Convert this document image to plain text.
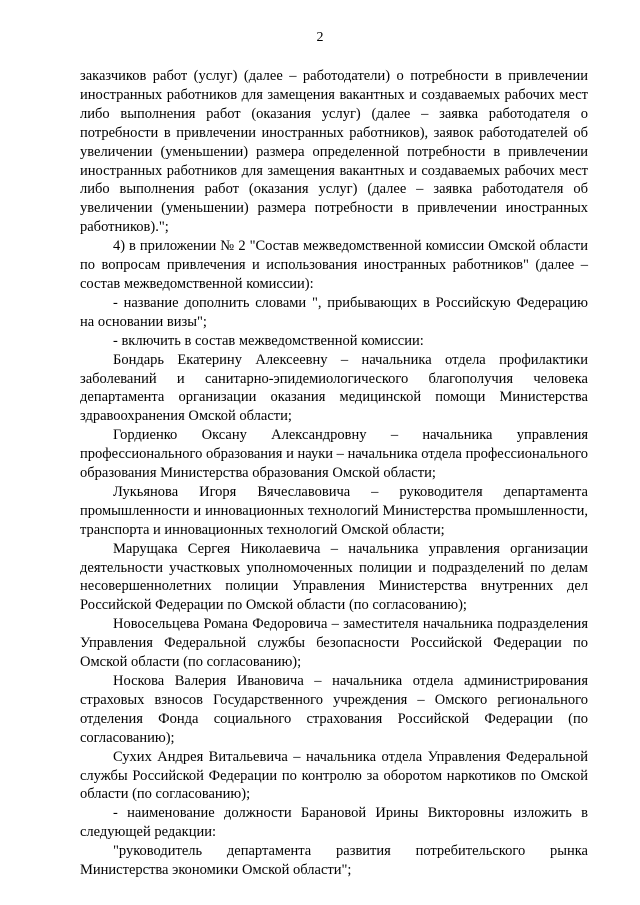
2

заказчиков работ (услуг) (далее – работодатели) о потребности в привлечении иностранных работников для замещения вакантных и создаваемых рабочих мест либо выполнения работ (оказания услуг) (далее – заявка работодателя о потребности в привлечении иностранных работников), заявок работодателей об увеличении (уменьшении) размера определенной потребности в привлечении иностранных работников для замещения вакантных и создаваемых рабочих мест либо выполнения работ (оказания услуг) (далее – заявка работодателя об увеличении (уменьшении) размера потребности в привлечении иностранных работников).";

4) в приложении № 2 "Состав межведомственной комиссии Омской области по вопросам привлечения и использования иностранных работников" (далее – состав межведомственной комиссии):

- название дополнить словами ", прибывающих в Российскую Федерацию на основании визы";

- включить в состав межведомственной комиссии:

Бондарь Екатерину Алексеевну – начальника отдела профилактики заболеваний и санитарно-эпидемиологического благополучия человека департамента организации оказания медицинской помощи Министерства здравоохранения Омской области;

Гордиенко Оксану Александровну – начальника управления профессионального образования и науки – начальника отдела профессионального образования Министерства образования Омской области;

Лукьянова Игоря Вячеславовича – руководителя департамента промышленности и инновационных технологий Министерства промышленности, транспорта и инновационных технологий Омской области;

Марущака Сергея Николаевича – начальника управления организации деятельности участковых уполномоченных полиции и подразделений по делам несовершеннолетних полиции Управления Министерства внутренних дел Российской Федерации по Омской области (по согласованию);

Новосельцева Романа Федоровича – заместителя начальника подразделения Управления Федеральной службы безопасности Российской Федерации по Омской области (по согласованию);

Носкова Валерия Ивановича – начальника отдела администрирования страховых взносов Государственного учреждения – Омского регионального отделения Фонда социального страхования Российской Федерации (по согласованию);

Сухих Андрея Витальевича – начальника отдела Управления Федеральной службы Российской Федерации по контролю за оборотом наркотиков по Омской области (по согласованию);

- наименование должности Барановой Ирины Викторовны изложить в следующей редакции:

"руководитель департамента развития потребительского рынка Министерства экономики Омской области";
